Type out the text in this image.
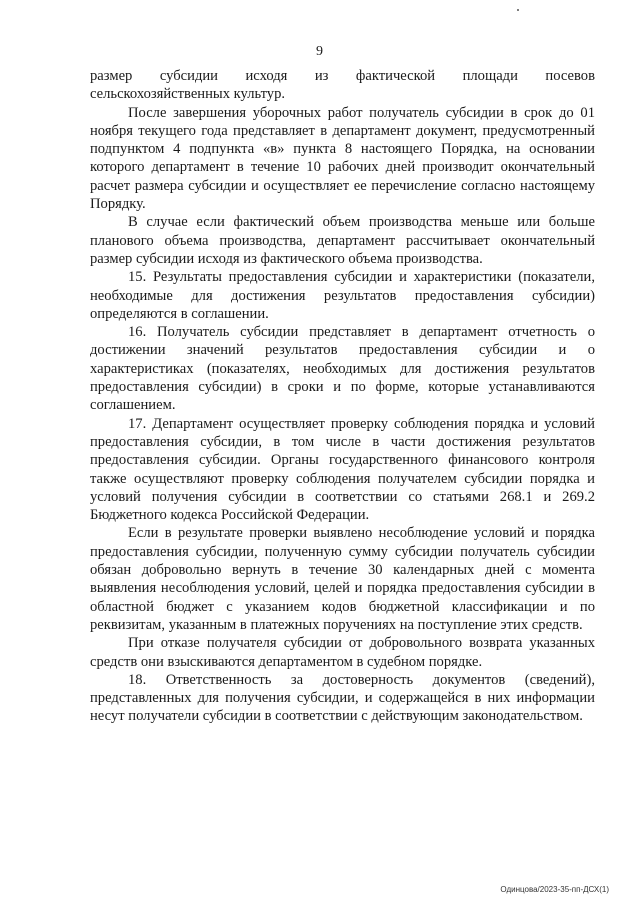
9

размер субсидии исходя из фактической площади посевов сельскохозяйственных культур.

После завершения уборочных работ получатель субсидии в срок до 01 ноября текущего года представляет в департамент документ, предусмотренный подпунктом 4 подпункта «в» пункта 8 настоящего Порядка, на основании которого департамент в течение 10 рабочих дней производит окончательный расчет размера субсидии и осуществляет ее перечисление согласно настоящему Порядку.

В случае если фактический объем производства меньше или больше планового объема производства, департамент рассчитывает окончательный размер субсидии исходя из фактического объема производства.

15. Результаты предоставления субсидии и характеристики (показатели, необходимые для достижения результатов предоставления субсидии) определяются в соглашении.

16. Получатель субсидии представляет в департамент отчетность о достижении значений результатов предоставления субсидии и о характеристиках (показателях, необходимых для достижения результатов предоставления субсидии) в сроки и по форме, которые устанавливаются соглашением.

17. Департамент осуществляет проверку соблюдения порядка и условий предоставления субсидии, в том числе в части достижения результатов предоставления субсидии. Органы государственного финансового контроля также осуществляют проверку соблюдения получателем субсидии порядка и условий получения субсидии в соответствии со статьями 268.1 и 269.2 Бюджетного кодекса Российской Федерации.

Если в результате проверки выявлено несоблюдение условий и порядка предоставления субсидии, полученную сумму субсидии получатель субсидии обязан добровольно вернуть в течение 30 календарных дней с момента выявления несоблюдения условий, целей и порядка предоставления субсидии в областной бюджет с указанием кодов бюджетной классификации и по реквизитам, указанным в платежных поручениях на поступление этих средств.

При отказе получателя субсидии от добровольного возврата указанных средств они взыскиваются департаментом в судебном порядке.

18. Ответственность за достоверность документов (сведений), представленных для получения субсидии, и содержащейся в них информации несут получатели субсидии в соответствии с действующим законодательством.

Одинцова/2023-35-пп-ДСХ(1)
